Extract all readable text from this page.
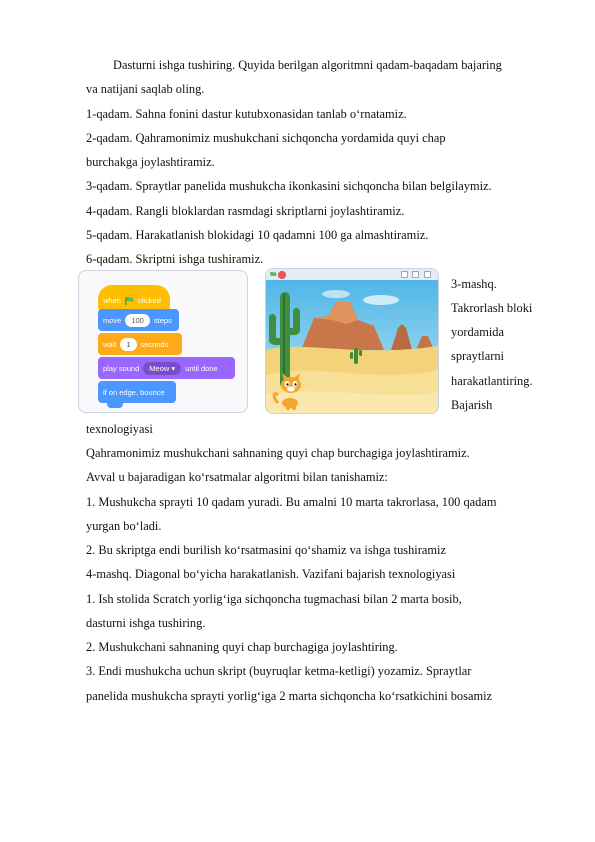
Dasturni ishga tushiring. Quyida berilgan algoritmni qadam-baqadam bajaring
va natijani saqlab oling.
1-qadam. Sahna fonini dastur kutubxonasidan tanlab o‘rnatamiz.
2-qadam. Qahramonimiz mushukchani sichqoncha yordamida quyi chap
burchakga joylashtiramiz.
3-qadam. Spraytlar panelida mushukcha ikonkasini sichqoncha bilan belgilaymiz.
4-qadam. Rangli bloklardan rasmdagi skriptlarni joylashtiramiz.
5-qadam. Harakatlanish blokidagi 10 qadamni 100 ga almashtiramiz.
6-qadam. Skriptni ishga tushiramiz.
when clicked
move	100	steps
wait	1	seconds
play sound	Meow ▾	until done
if on edge, bounce
3-mashq.
Takrorlash bloki
yordamida
spraytlarni
harakatlantiring.
Bajarish
texnologiyasi
Qahramonimiz mushukchani sahnaning quyi chap burchagiga joylashtiramiz.
Avval u bajaradigan ko‘rsatmalar algoritmi bilan tanishamiz:
1. Mushukcha sprayti 10 qadam yuradi. Bu amalni 10 marta takrorlasa, 100 qadam
yurgan bo‘ladi.
2. Bu skriptga endi burilish ko‘rsatmasini qo‘shamiz va ishga tushiramiz
4-mashq. Diagonal bo‘yicha harakatlanish. Vazifani bajarish texnologiyasi
1. Ish stolida Scratch yorlig‘iga sichqoncha tugmachasi bilan 2 marta bosib,
dasturni ishga tushiring.
2. Mushukchani sahnaning quyi chap burchagiga joylashtiring.
3. Endi mushukcha uchun skript (buyruqlar ketma-ketligi) yozamiz. Spraytlar
panelida mushukcha sprayti yorlig‘iga 2 marta sichqoncha ko‘rsatkichini bosamiz
